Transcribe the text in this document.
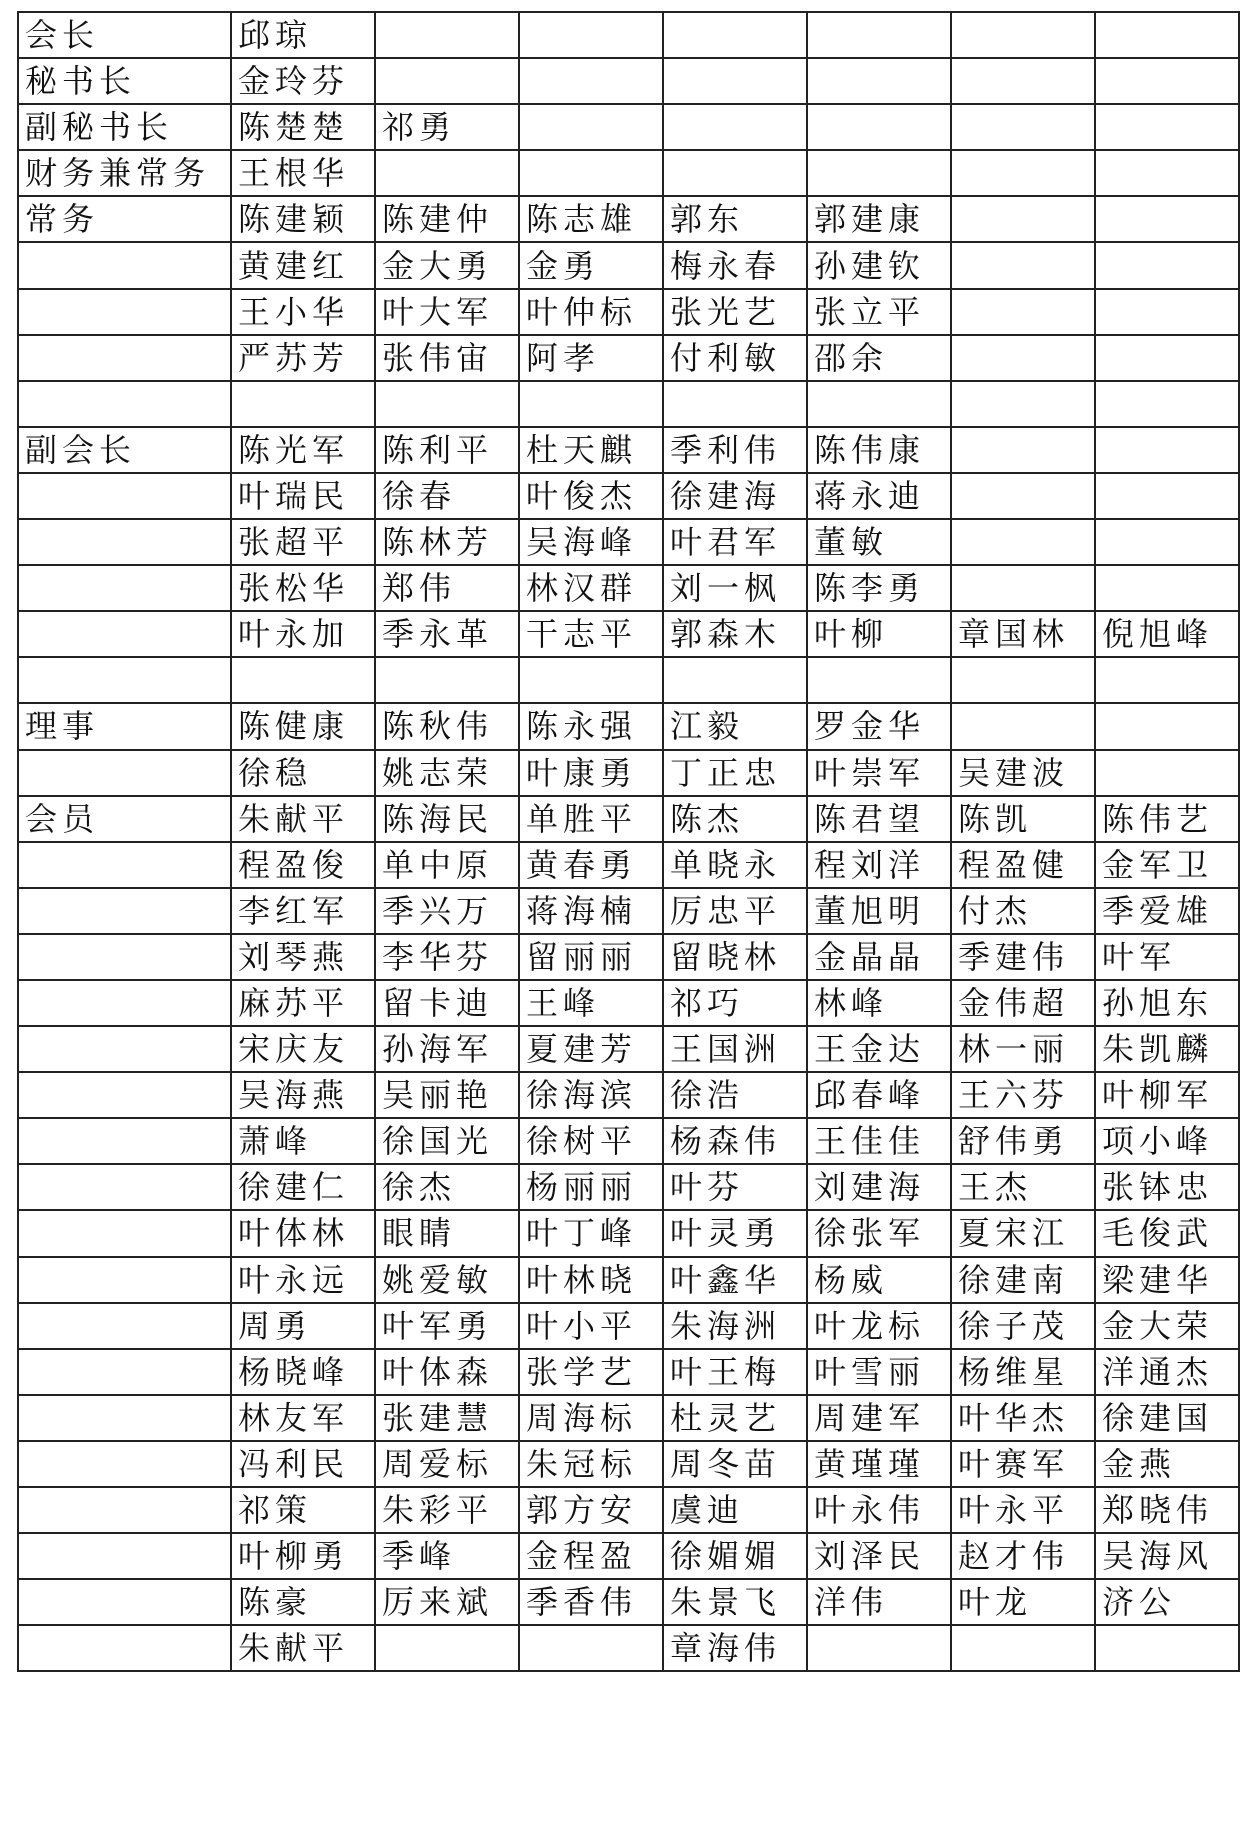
会长	邱琼						
秘书长	金玲芬						
副秘书长	陈楚楚	祁勇					
财务兼常务	王根华						
常务	陈建颖	陈建仲	陈志雄	郭东	郭建康		
	黄建红	金大勇	金勇	梅永春	孙建钦		
	王小华	叶大军	叶仲标	张光艺	张立平		
	严苏芳	张伟宙	阿孝	付利敏	邵余		

副会长	陈光军	陈利平	杜天麒	季利伟	陈伟康		
	叶瑞民	徐春	叶俊杰	徐建海	蒋永迪		
	张超平	陈林芳	吴海峰	叶君军	董敏		
	张松华	郑伟	林汉群	刘一枫	陈李勇		
	叶永加	季永革	干志平	郭森木	叶柳	章国林	倪旭峰

理事	陈健康	陈秋伟	陈永强	江毅	罗金华		
	徐稳	姚志荣	叶康勇	丁正忠	叶崇军	吴建波	
会员	朱献平	陈海民	单胜平	陈杰	陈君望	陈凯	陈伟艺
	程盈俊	单中原	黄春勇	单晓永	程刘洋	程盈健	金军卫
	李红军	季兴万	蒋海楠	厉忠平	董旭明	付杰	季爱雄
	刘琴燕	李华芬	留丽丽	留晓林	金晶晶	季建伟	叶军
	麻苏平	留卡迪	王峰	祁巧	林峰	金伟超	孙旭东
	宋庆友	孙海军	夏建芳	王国洲	王金达	林一丽	朱凯麟
	吴海燕	吴丽艳	徐海滨	徐浩	邱春峰	王六芬	叶柳军
	萧峰	徐国光	徐树平	杨森伟	王佳佳	舒伟勇	项小峰
	徐建仁	徐杰	杨丽丽	叶芬	刘建海	王杰	张钵忠
	叶体林	眼睛	叶丁峰	叶灵勇	徐张军	夏宋江	毛俊武
	叶永远	姚爱敏	叶林晓	叶鑫华	杨威	徐建南	梁建华
	周勇	叶军勇	叶小平	朱海洲	叶龙标	徐子茂	金大荣
	杨晓峰	叶体森	张学艺	叶王梅	叶雪丽	杨维星	洋通杰
	林友军	张建慧	周海标	杜灵艺	周建军	叶华杰	徐建国
	冯利民	周爱标	朱冠标	周冬苗	黄瑾瑾	叶赛军	金燕
	祁策	朱彩平	郭方安	虞迪	叶永伟	叶永平	郑晓伟
	叶柳勇	季峰	金程盈	徐媚媚	刘泽民	赵才伟	吴海风
	陈豪	厉来斌	季香伟	朱景飞	洋伟	叶龙	济公
	朱献平			章海伟			
